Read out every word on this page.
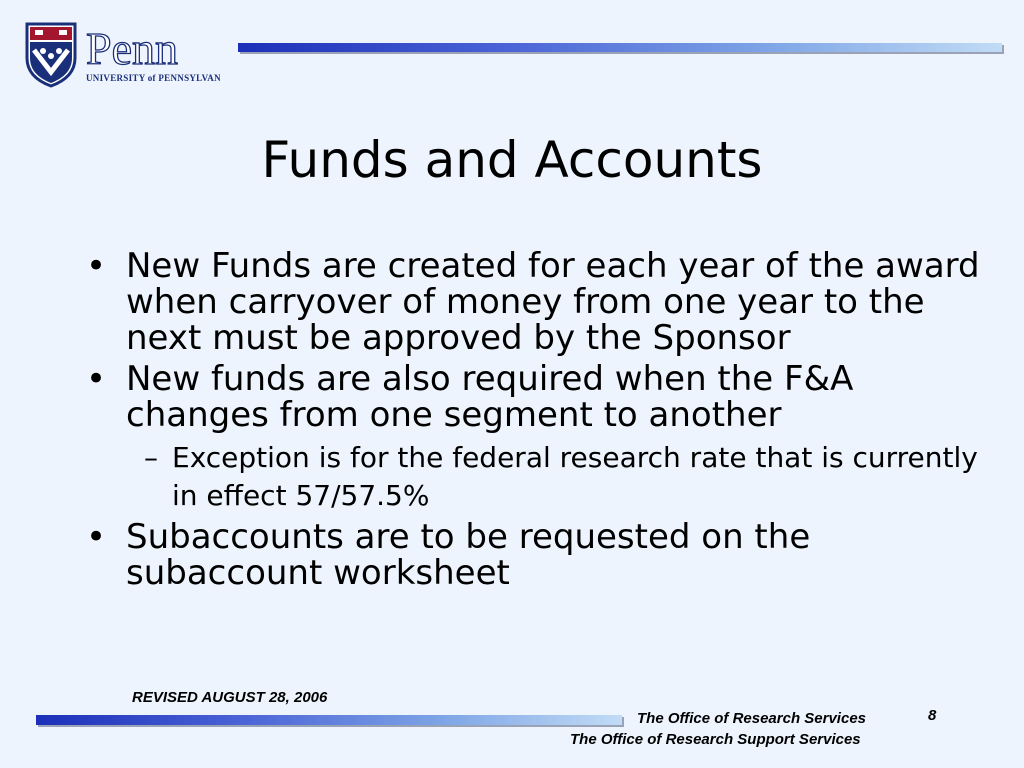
Penn
UNIVERSITY of PENNSYLVANIA
Funds and Accounts
• New Funds are created for each year of the award when carryover of money from one year to the next must be approved by the Sponsor
• New funds are also required when the F&A changes from one segment to another
– Exception is for the federal research rate that is currently in effect 57/57.5%
• Subaccounts are to be requested on the subaccount worksheet
REVISED AUGUST 28, 2006
The Office of Research Services
The Office of Research Support Services
8
